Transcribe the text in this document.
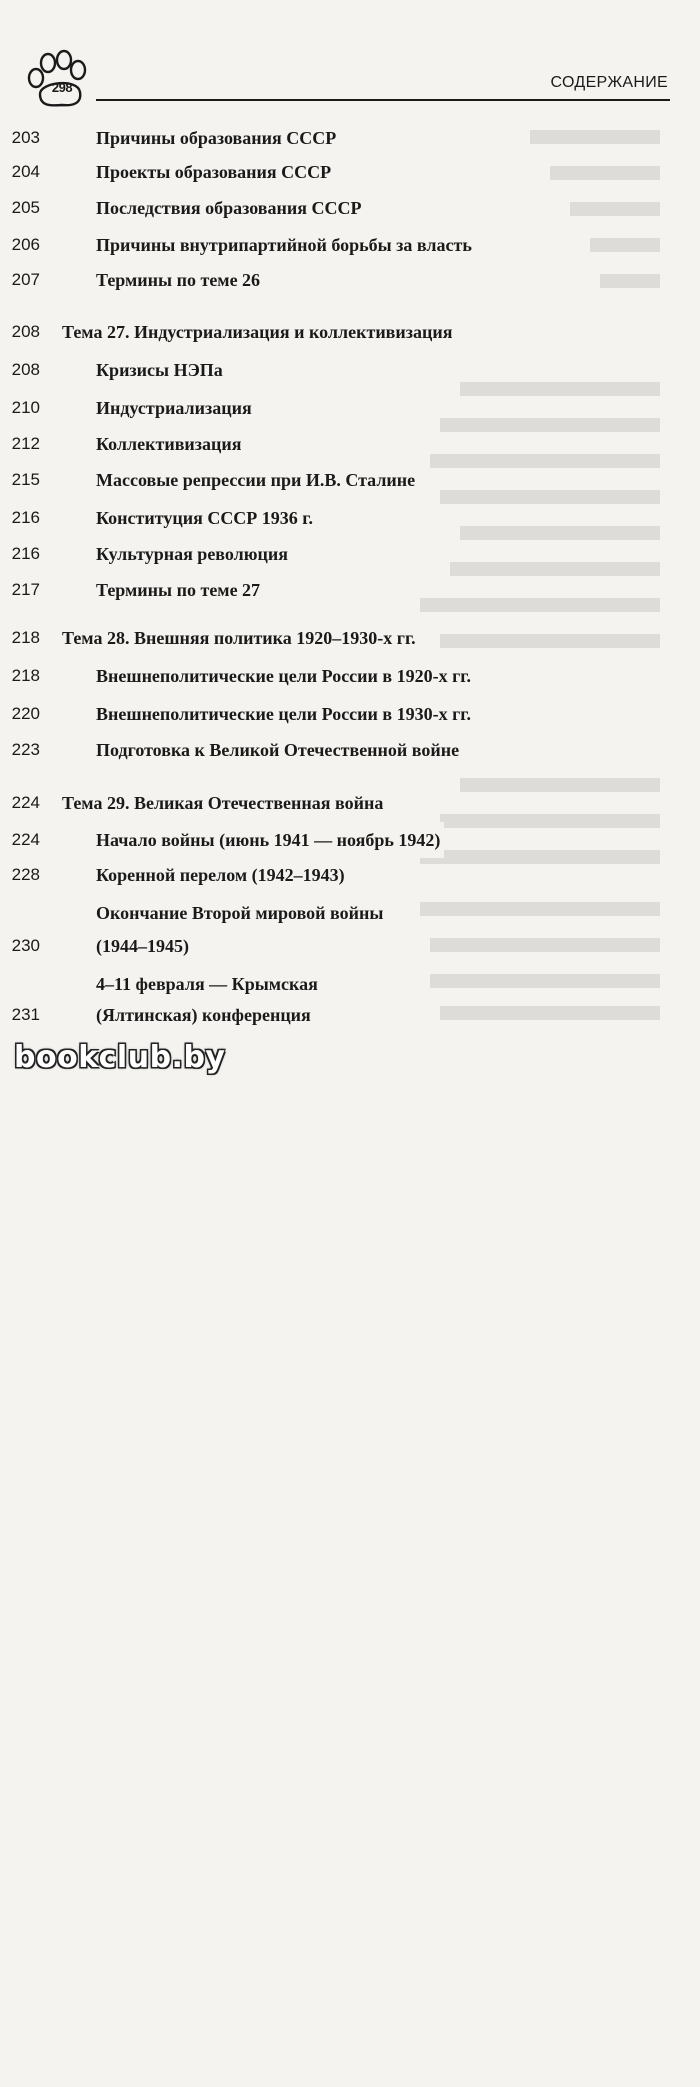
298	СОДЕРЖАНИЕ
Причины образования СССР
203
Проекты образования СССР
204
Последствия образования СССР
205
Причины внутрипартийной борьбы за власть
206
Термины по теме 26
207
Тема 27. Индустриализация и коллективизация
208
Кризисы НЭПа
208
Индустриализация
210
Коллективизация
212
Массовые репрессии при И.В. Сталине
215
Конституция СССР 1936 г.
216
Культурная революция
216
Термины по теме 27
217
Тема 28. Внешняя политика 1920–1930-х гг.
218
Внешнеполитические цели России в 1920-х гг.
218
Внешнеполитические цели России в 1930-х гг.
220
Подготовка к Великой Отечественной войне
223
Тема 29. Великая Отечественная война
224
Начало войны (июнь 1941 — ноябрь 1942)
224
Коренной перелом (1942–1943)
228
Окончание Второй мировой войны
(1944–1945)
230
4–11 февраля — Крымская
(Ялтинская) конференция
231
bookclub.by
